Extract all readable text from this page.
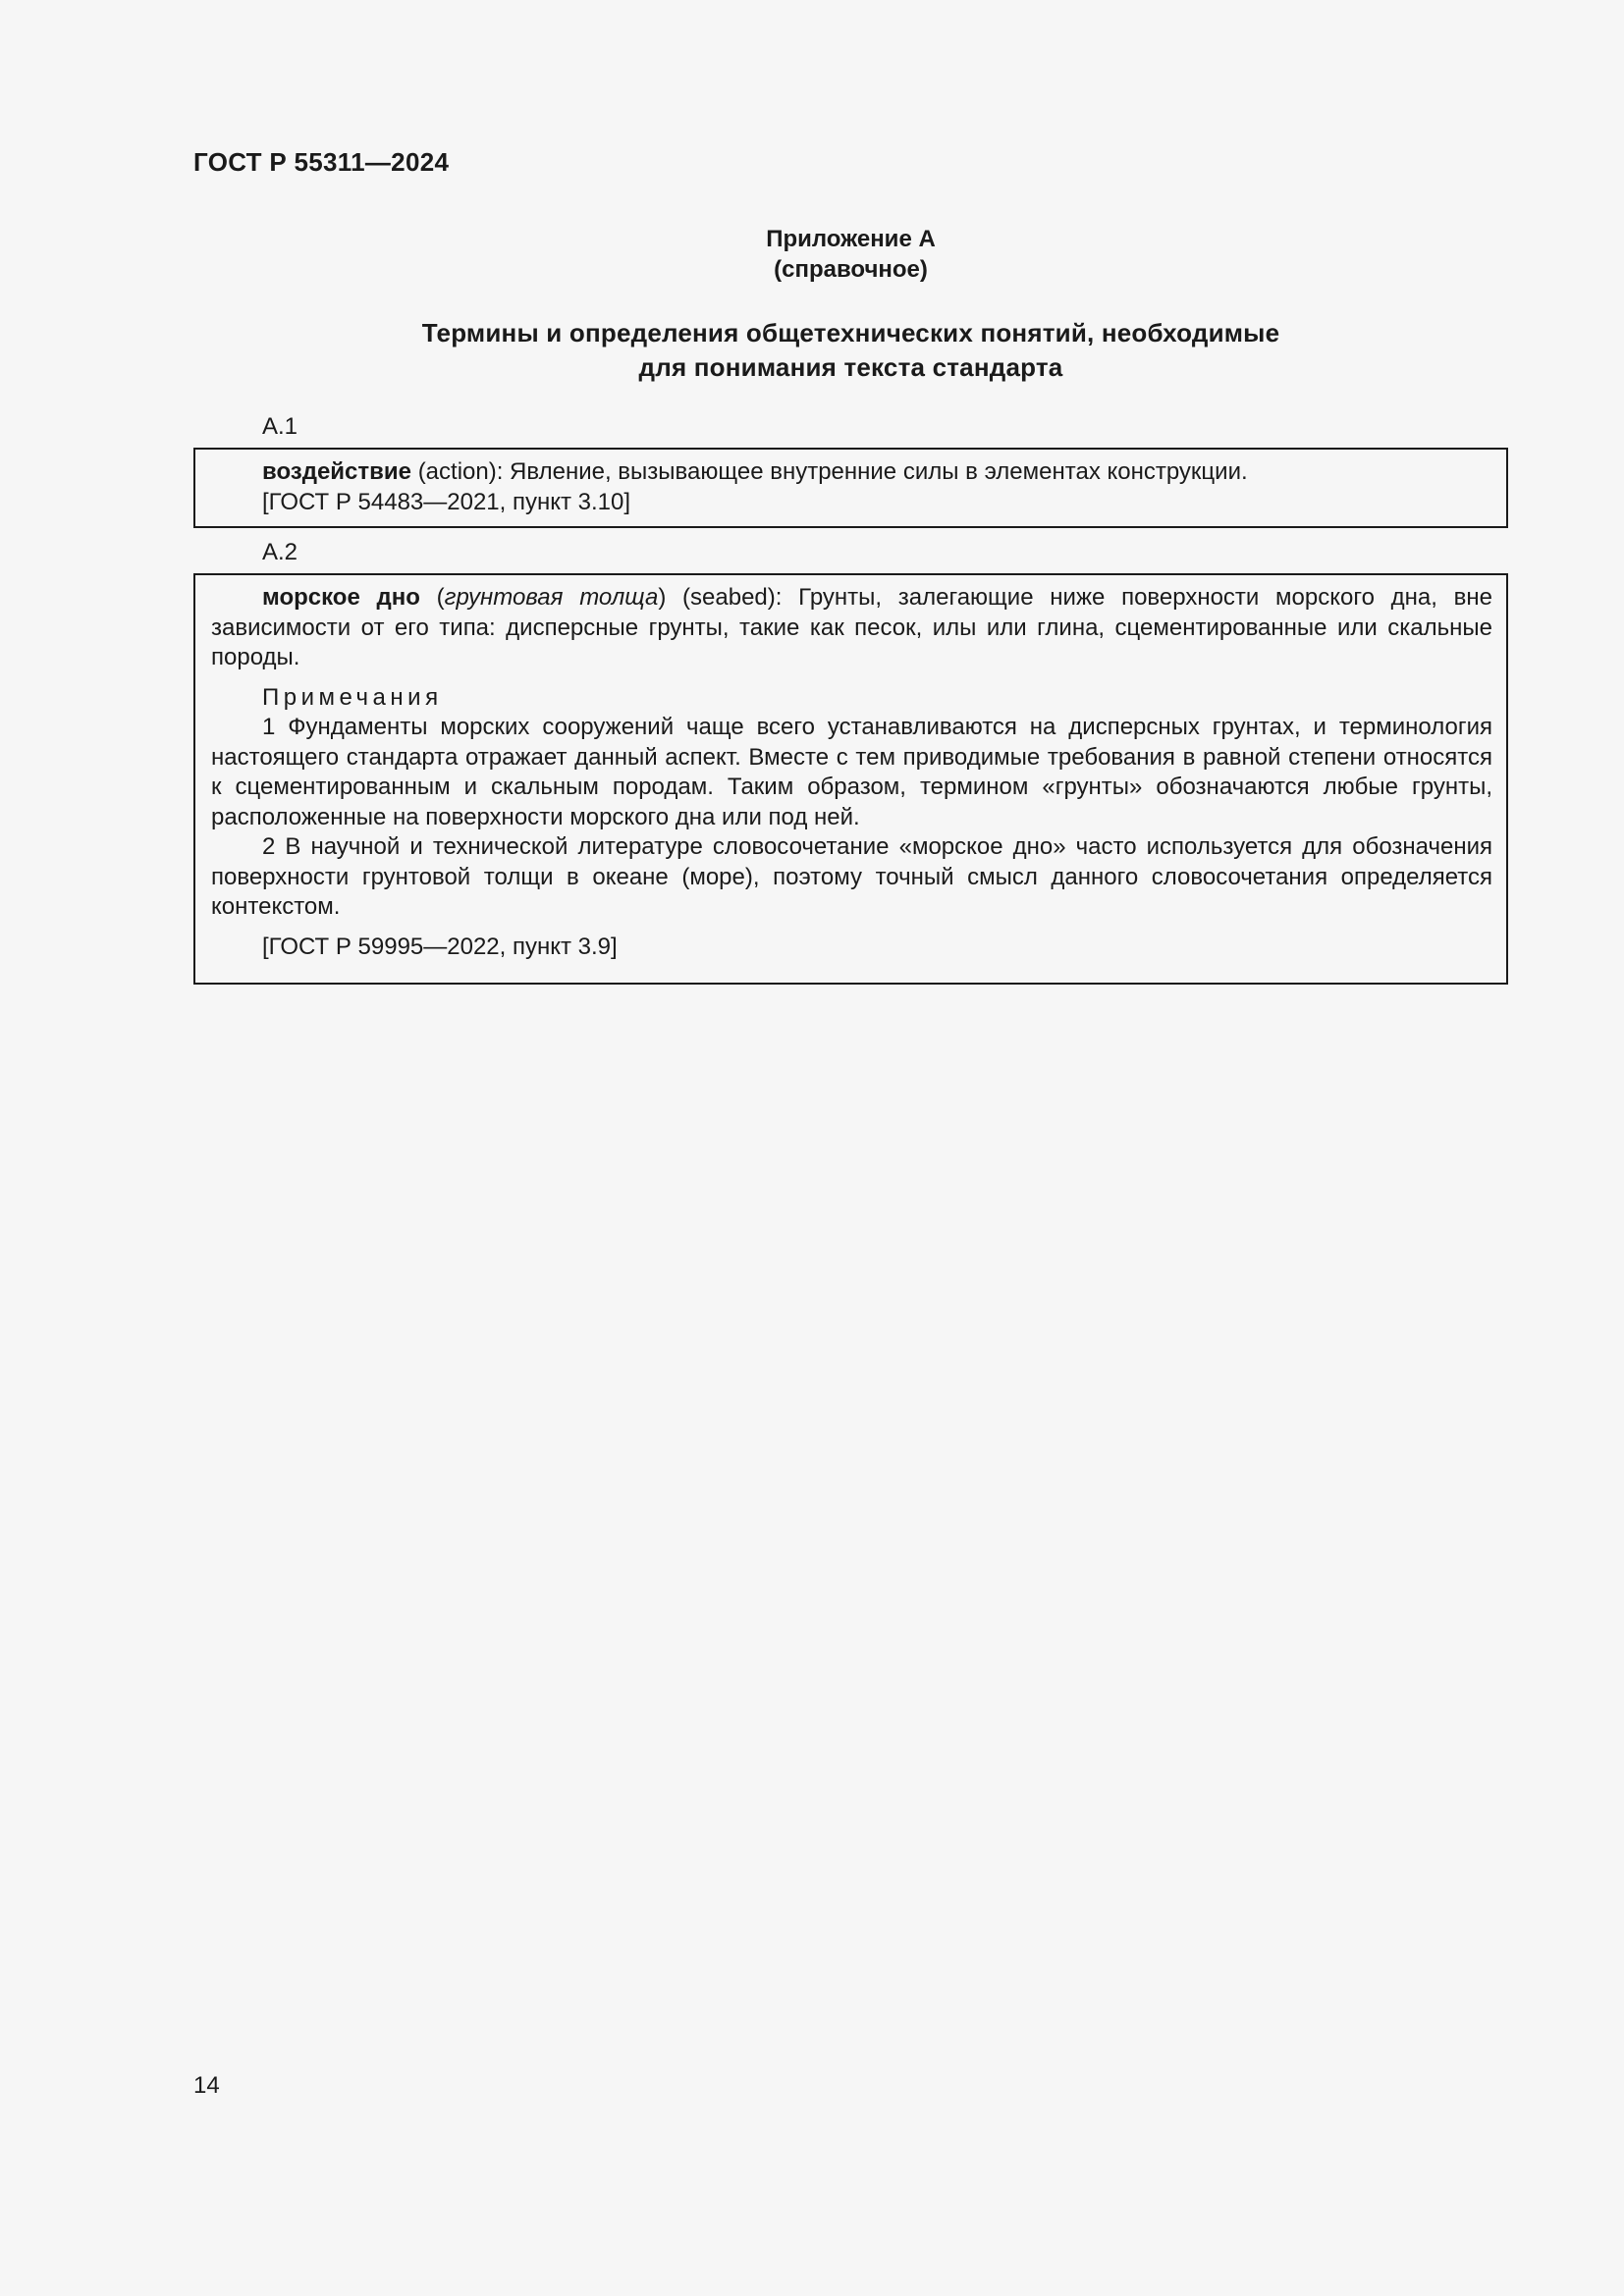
ГОСТ Р 55311—2024
Приложение А
(справочное)
Термины и определения общетехнических понятий, необходимые
для понимания текста стандарта
А.1

воздействие (action): Явление, вызывающее внутренние силы в элементах конструкции.

[ГОСТ Р 54483—2021, пункт 3.10]

А.2

морское дно (грунтовая толща) (seabed): Грунты, залегающие ниже поверхности морского дна, вне зависимости от его типа: дисперсные грунты, такие как песок, илы или глина, сцементированные или скальные породы.

Примечания

1 Фундаменты морских сооружений чаще всего устанавливаются на дисперсных грунтах, и терминология настоящего стандарта отражает данный аспект. Вместе с тем приводимые требования в равной степени относятся к сцементированным и скальным породам. Таким образом, термином «грунты» обозначаются любые грунты, расположенные на поверхности морского дна или под ней.

2 В научной и технической литературе словосочетание «морское дно» часто используется для обозначения поверхности грунтовой толщи в океане (море), поэтому точный смысл данного словосочетания определяется контекстом.

[ГОСТ Р 59995—2022, пункт 3.9]

14
